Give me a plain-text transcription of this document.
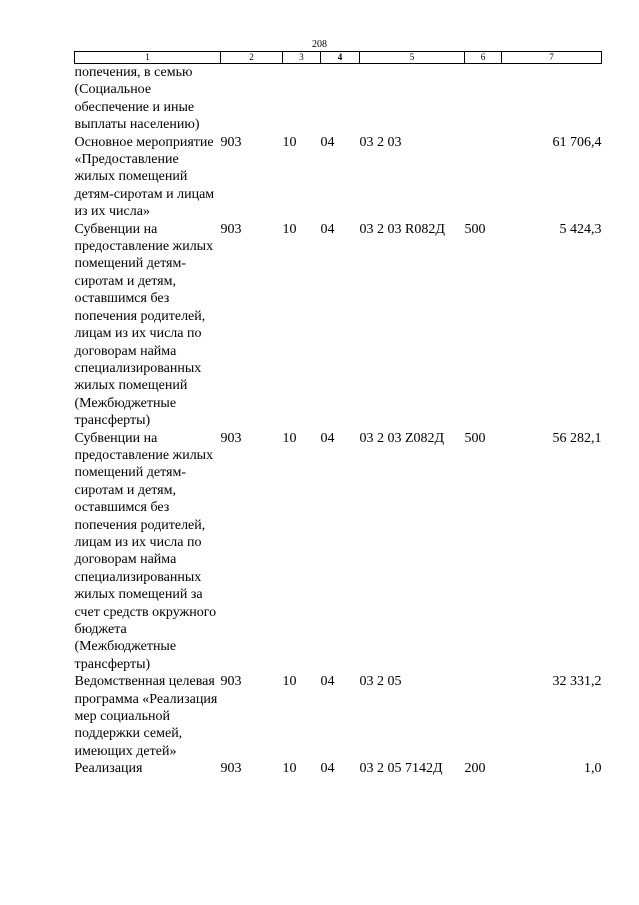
208
1	2	3	4	5	6	7
попечения, в семью (Социальное обеспечение и иные выплаты населению)						
Основное мероприятие «Предоставление жилых помещений детям-сиротам и лицам из их числа»	903	10	04	03 2 03		61 706,4
Субвенции на предоставление жилых помещений детям-сиротам и детям, оставшимся без попечения родителей, лицам из их числа по договорам найма специализированных жилых помещений (Межбюджетные трансферты)	903	10	04	03 2 03 R082Д	500	5 424,3
Субвенции на предоставление жилых помещений детям-сиротам и детям, оставшимся без попечения родителей, лицам из их числа по договорам найма специализированных жилых помещений за счет средств окружного бюджета (Межбюджетные трансферты)	903	10	04	03 2 03 Z082Д	500	56 282,1
Ведомственная целевая программа «Реализация мер социальной поддержки семей, имеющих детей»	903	10	04	03 2 05		32 331,2
Реализация	903	10	04	03 2 05 7142Д	200	1,0
